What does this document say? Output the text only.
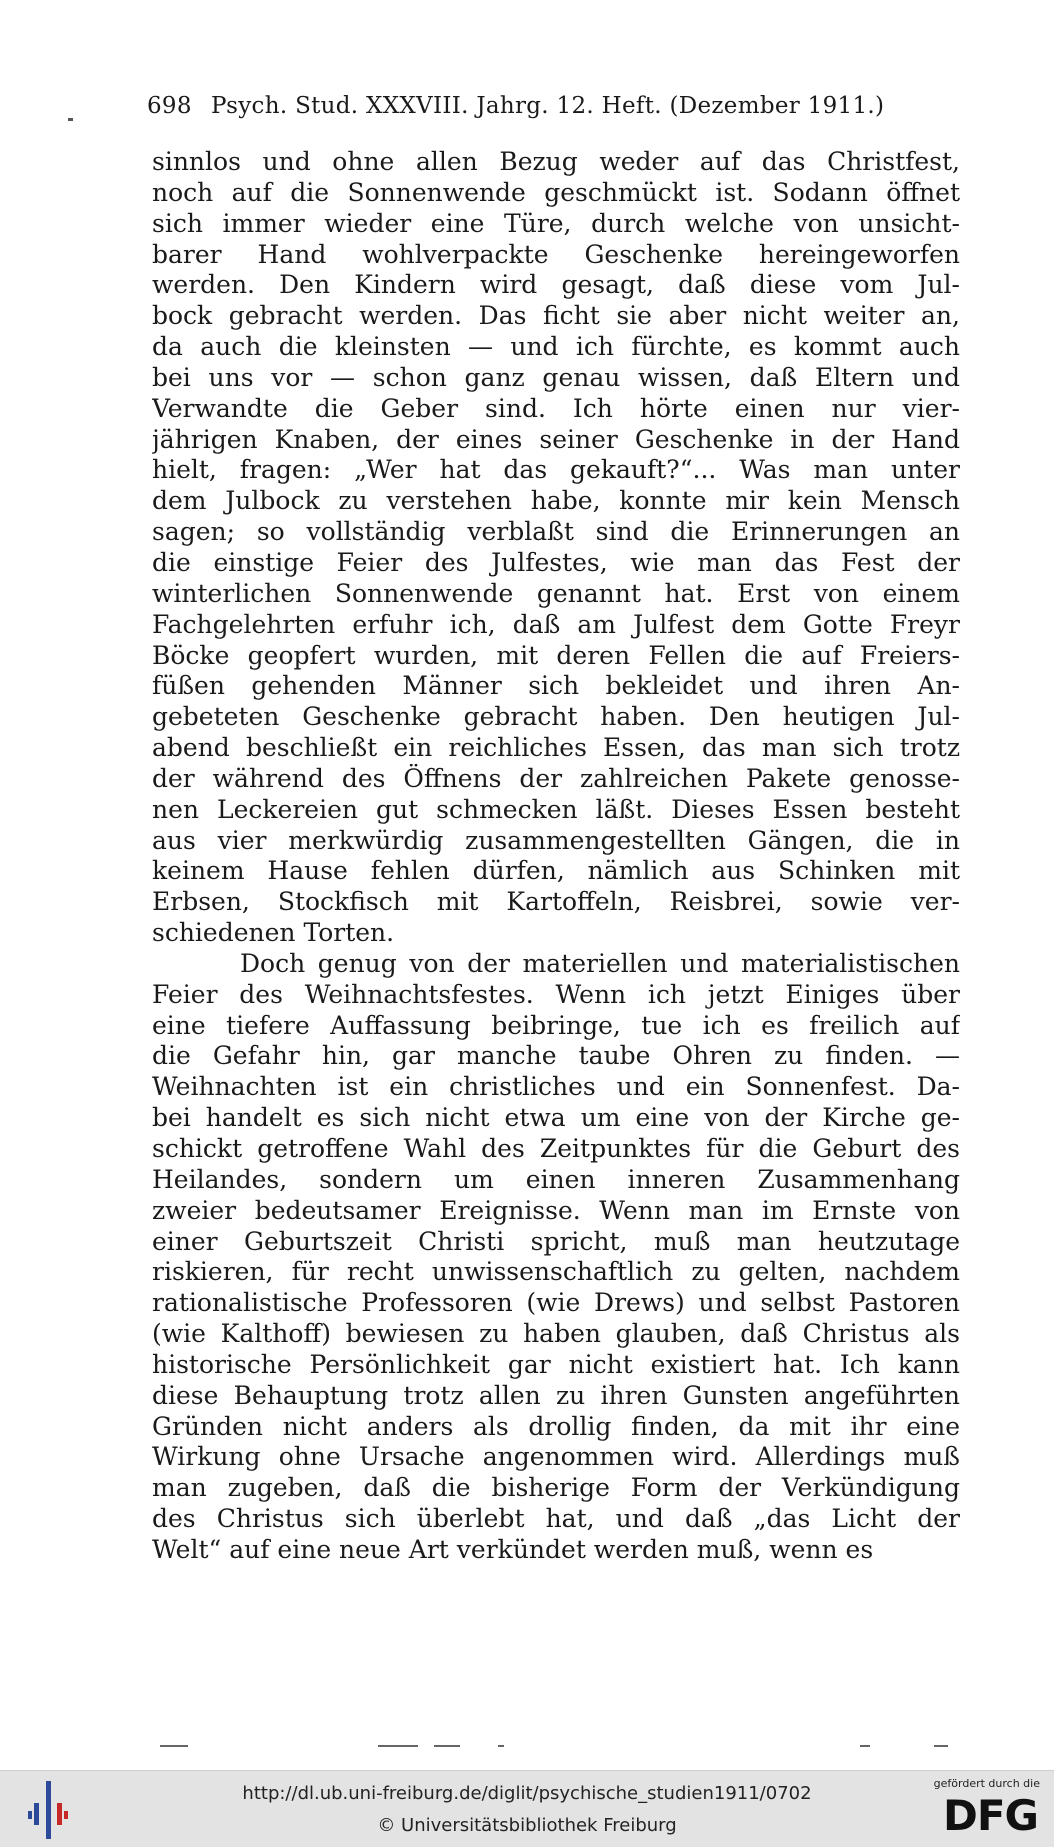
698 Psych. Stud. XXXVIII. Jahrg. 12. Heft. (Dezember 1911.)
sinnlos und ohne allen Bezug weder auf das Christfest,
noch auf die Sonnenwende geschmückt ist. Sodann öffnet
sich immer wieder eine Türe, durch welche von unsicht-
barer Hand wohlverpackte Geschenke hereingeworfen
werden. Den Kindern wird gesagt, daß diese vom Jul-
bock gebracht werden. Das ficht sie aber nicht weiter an,
da auch die kleinsten — und ich fürchte, es kommt auch
bei uns vor — schon ganz genau wissen, daß Eltern und
Verwandte die Geber sind. Ich hörte einen nur vier-
jährigen Knaben, der eines seiner Geschenke in der Hand
hielt, fragen: „Wer hat das gekauft?“... Was man unter
dem Julbock zu verstehen habe, konnte mir kein Mensch
sagen; so vollständig verblaßt sind die Erinnerungen an
die einstige Feier des Julfestes, wie man das Fest der
winterlichen Sonnenwende genannt hat. Erst von einem
Fachgelehrten erfuhr ich, daß am Julfest dem Gotte Freyr
Böcke geopfert wurden, mit deren Fellen die auf Freiers-
füßen gehenden Männer sich bekleidet und ihren An-
gebeteten Geschenke gebracht haben. Den heutigen Jul-
abend beschließt ein reichliches Essen, das man sich trotz
der während des Öffnens der zahlreichen Pakete genosse-
nen Leckereien gut schmecken läßt. Dieses Essen besteht
aus vier merkwürdig zusammengestellten Gängen, die in
keinem Hause fehlen dürfen, nämlich aus Schinken mit
Erbsen, Stockfisch mit Kartoffeln, Reisbrei, sowie ver-
schiedenen Torten.
Doch genug von der materiellen und materialistischen
Feier des Weihnachtsfestes. Wenn ich jetzt Einiges über
eine tiefere Auffassung beibringe, tue ich es freilich auf
die Gefahr hin, gar manche taube Ohren zu finden. —
Weihnachten ist ein christliches und ein Sonnenfest. Da-
bei handelt es sich nicht etwa um eine von der Kirche ge-
schickt getroffene Wahl des Zeitpunktes für die Geburt des
Heilandes, sondern um einen inneren Zusammenhang
zweier bedeutsamer Ereignisse. Wenn man im Ernste von
einer Geburtszeit Christi spricht, muß man heutzutage
riskieren, für recht unwissenschaftlich zu gelten, nachdem
rationalistische Professoren (wie Drews) und selbst Pastoren
(wie Kalthoff) bewiesen zu haben glauben, daß Christus als
historische Persönlichkeit gar nicht existiert hat. Ich kann
diese Behauptung trotz allen zu ihren Gunsten angeführten
Gründen nicht anders als drollig finden, da mit ihr eine
Wirkung ohne Ursache angenommen wird. Allerdings muß
man zugeben, daß die bisherige Form der Verkündigung
des Christus sich überlebt hat, und daß „das Licht der
Welt“ auf eine neue Art verkündet werden muß, wenn es
http://dl.ub.uni-freiburg.de/diglit/psychische_studien1911/0702
© Universitätsbibliothek Freiburg
gefördert durch die
DFG
